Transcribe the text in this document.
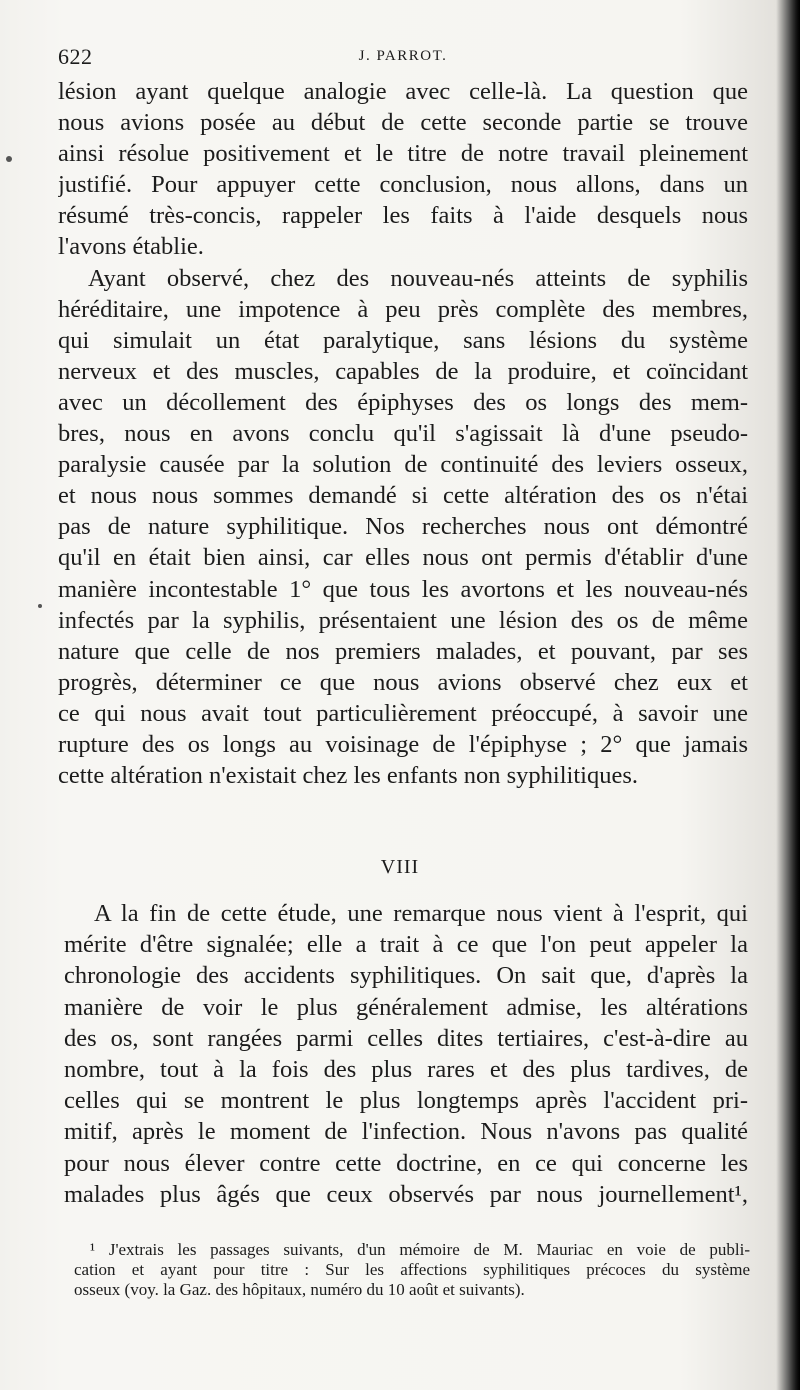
622	J. PARROT.
lésion ayant quelque analogie avec celle-là. La question que
nous avions posée au début de cette seconde partie se trouve
ainsi résolue positivement et le titre de notre travail pleinement
justifié. Pour appuyer cette conclusion, nous allons, dans un
résumé très-concis, rappeler les faits à l'aide desquels nous
l'avons établie.
Ayant observé, chez des nouveau-nés atteints de syphilis
héréditaire, une impotence à peu près complète des membres,
qui simulait un état paralytique, sans lésions du système
nerveux et des muscles, capables de la produire, et coïncidant
avec un décollement des épiphyses des os longs des mem-
bres, nous en avons conclu qu'il s'agissait là d'une pseudo-
paralysie causée par la solution de continuité des leviers osseux,
et nous nous sommes demandé si cette altération des os n'étai
pas de nature syphilitique. Nos recherches nous ont démontré
qu'il en était bien ainsi, car elles nous ont permis d'établir d'une
manière incontestable 1° que tous les avortons et les nouveau-nés
infectés par la syphilis, présentaient une lésion des os de même
nature que celle de nos premiers malades, et pouvant, par ses
progrès, déterminer ce que nous avions observé chez eux et
ce qui nous avait tout particulièrement préoccupé, à savoir une
rupture des os longs au voisinage de l'épiphyse ; 2° que jamais
cette altération n'existait chez les enfants non syphilitiques.
VIII
A la fin de cette étude, une remarque nous vient à l'esprit, qui
mérite d'être signalée; elle a trait à ce que l'on peut appeler la
chronologie des accidents syphilitiques. On sait que, d'après la
manière de voir le plus généralement admise, les altérations
des os, sont rangées parmi celles dites tertiaires, c'est-à-dire au
nombre, tout à la fois des plus rares et des plus tardives, de
celles qui se montrent le plus longtemps après l'accident pri-
mitif, après le moment de l'infection. Nous n'avons pas qualité
pour nous élever contre cette doctrine, en ce qui concerne les
malades plus âgés que ceux observés par nous journellement¹,
¹ J'extrais les passages suivants, d'un mémoire de M. Mauriac en voie de publi-
cation et ayant pour titre : Sur les affections syphilitiques précoces du système
osseux (voy. la Gaz. des hôpitaux, numéro du 10 août et suivants).
